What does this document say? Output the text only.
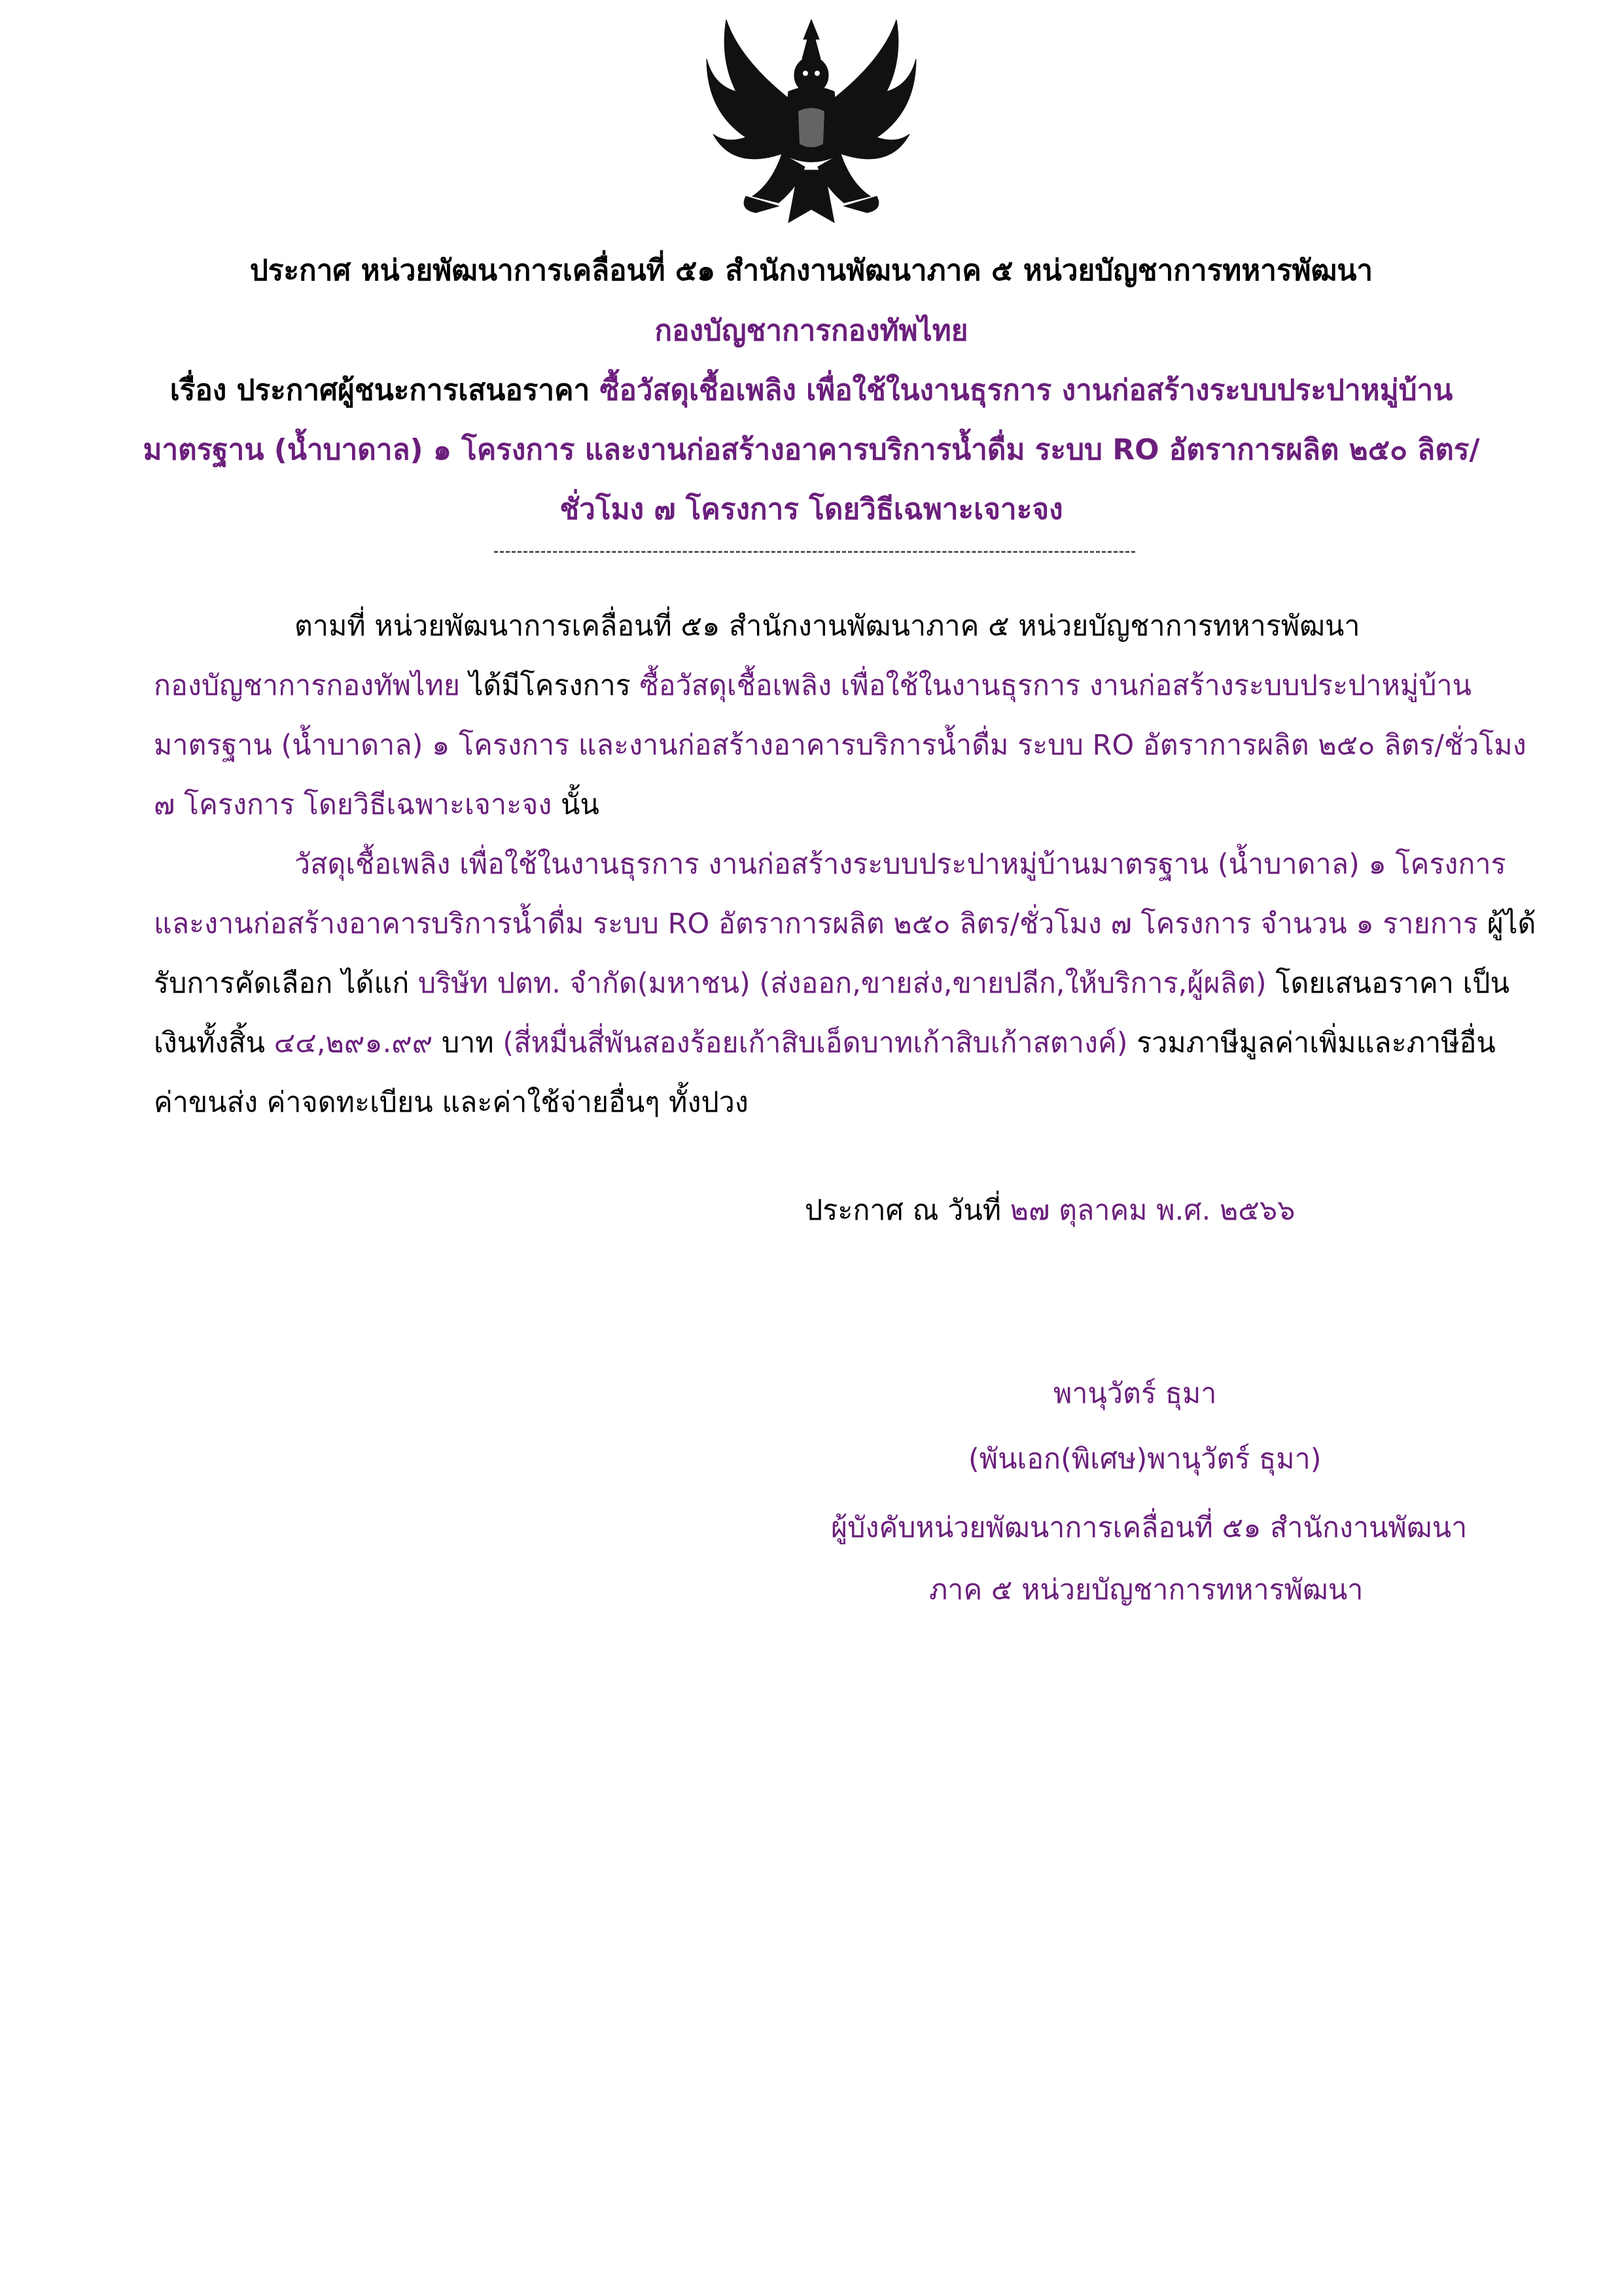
ประกาศ หน่วยพัฒนาการเคลื่อนที่ ๕๑ สำนักงานพัฒนาภาค ๕ หน่วยบัญชาการทหารพัฒนา
กองบัญชาการกองทัพไทย
เรื่อง ประกาศผู้ชนะการเสนอราคา ซื้อวัสดุเชื้อเพลิง เพื่อใช้ในงานธุรการ งานก่อสร้างระบบประปาหมู่บ้าน
มาตรฐาน (น้ำบาดาล) ๑ โครงการ และงานก่อสร้างอาคารบริการน้ำดื่ม ระบบ RO อัตราการผลิต ๒๕๐ ลิตร/
ชั่วโมง ๗ โครงการ โดยวิธีเฉพาะเจาะจง
ตามที่ หน่วยพัฒนาการเคลื่อนที่ ๕๑ สำนักงานพัฒนาภาค ๕ หน่วยบัญชาการทหารพัฒนา
กองบัญชาการกองทัพไทย ได้มีโครงการ ซื้อวัสดุเชื้อเพลิง เพื่อใช้ในงานธุรการ งานก่อสร้างระบบประปาหมู่บ้าน
มาตรฐาน (น้ำบาดาล) ๑ โครงการ และงานก่อสร้างอาคารบริการน้ำดื่ม ระบบ RO อัตราการผลิต ๒๕๐ ลิตร/ชั่วโมง
๗ โครงการ โดยวิธีเฉพาะเจาะจง นั้น
วัสดุเชื้อเพลิง เพื่อใช้ในงานธุรการ งานก่อสร้างระบบประปาหมู่บ้านมาตรฐาน (น้ำบาดาล) ๑ โครงการ
และงานก่อสร้างอาคารบริการน้ำดื่ม ระบบ RO อัตราการผลิต ๒๕๐ ลิตร/ชั่วโมง ๗ โครงการ จำนวน ๑ รายการ ผู้ได้
รับการคัดเลือก ได้แก่ บริษัท ปตท. จำกัด(มหาชน) (ส่งออก,ขายส่ง,ขายปลีก,ให้บริการ,ผู้ผลิต) โดยเสนอราคา เป็น
เงินทั้งสิ้น ๔๔,๒๙๑.๙๙ บาท (สี่หมื่นสี่พันสองร้อยเก้าสิบเอ็ดบาทเก้าสิบเก้าสตางค์) รวมภาษีมูลค่าเพิ่มและภาษีอื่น
ค่าขนส่ง ค่าจดทะเบียน และค่าใช้จ่ายอื่นๆ ทั้งปวง
ประกาศ ณ วันที่ ๒๗ ตุลาคม พ.ศ. ๒๕๖๖
พานุวัตร์ ธุมา
(พันเอก(พิเศษ)พานุวัตร์ ธุมา)
ผู้บังคับหน่วยพัฒนาการเคลื่อนที่ ๕๑ สำนักงานพัฒนา
ภาค ๕ หน่วยบัญชาการทหารพัฒนา
